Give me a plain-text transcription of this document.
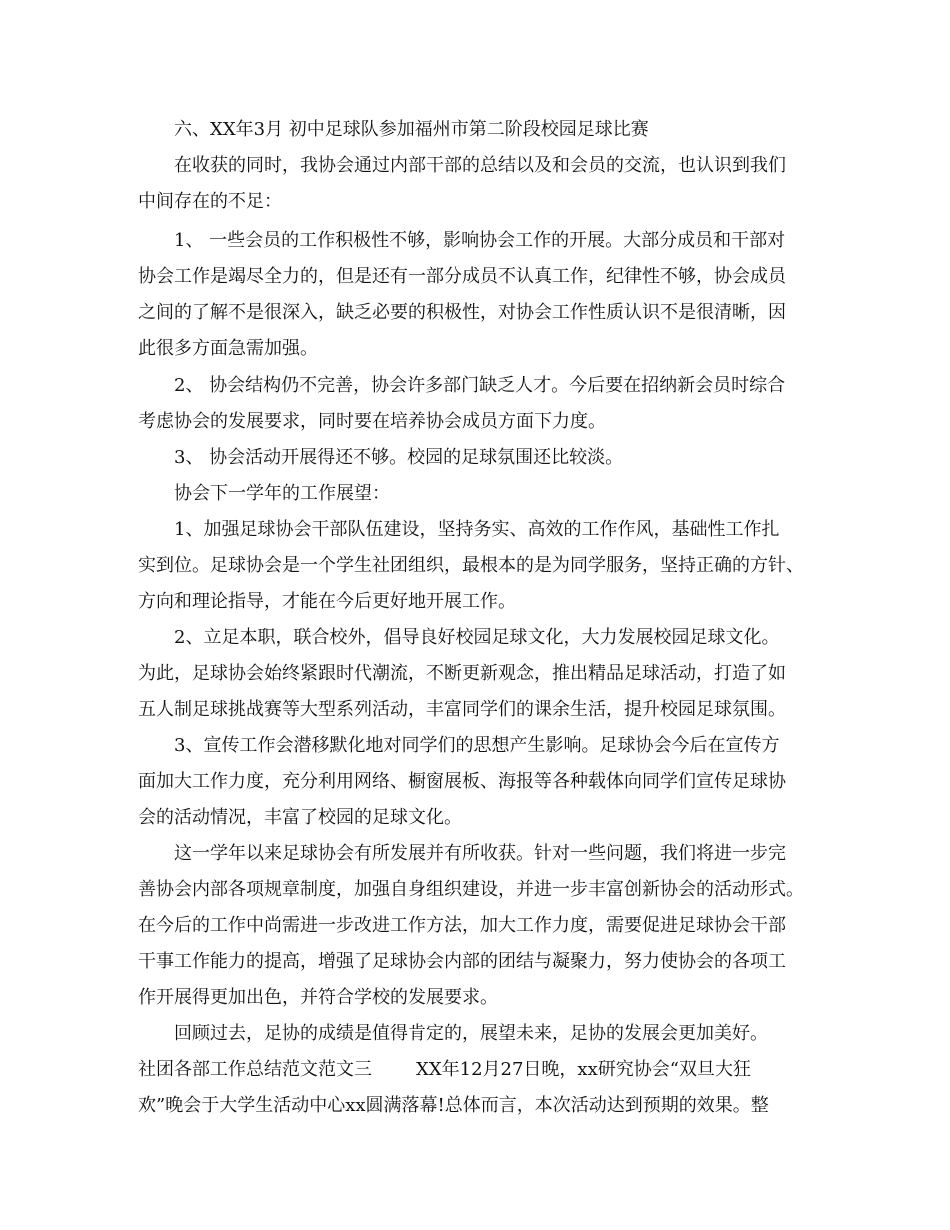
六、XX年3月 初中足球队参加福州市第二阶段校园足球比赛
在收获的同时，我协会通过内部干部的总结以及和会员的交流，也认识到我们
中间存在的不足：
1、 一些会员的工作积极性不够，影响协会工作的开展。大部分成员和干部对
协会工作是竭尽全力的，但是还有一部分成员不认真工作，纪律性不够，协会成员
之间的了解不是很深入，缺乏必要的积极性，对协会工作性质认识不是很清晰，因
此很多方面急需加强。
2、 协会结构仍不完善，协会许多部门缺乏人才。今后要在招纳新会员时综合
考虑协会的发展要求，同时要在培养协会成员方面下力度。
3、 协会活动开展得还不够。校园的足球氛围还比较淡。
协会下一学年的工作展望：
1、加强足球协会干部队伍建设，坚持务实、高效的工作作风，基础性工作扎
实到位。足球协会是一个学生社团组织，最根本的是为同学服务，坚持正确的方针、
方向和理论指导，才能在今后更好地开展工作。
2、立足本职，联合校外，倡导良好校园足球文化，大力发展校园足球文化。
为此，足球协会始终紧跟时代潮流，不断更新观念，推出精品足球活动，打造了如
五人制足球挑战赛等大型系列活动，丰富同学们的课余生活，提升校园足球氛围。
3、宣传工作会潜移默化地对同学们的思想产生影响。足球协会今后在宣传方
面加大工作力度，充分利用网络、橱窗展板、海报等各种载体向同学们宣传足球协
会的活动情况，丰富了校园的足球文化。
这一学年以来足球协会有所发展并有所收获。针对一些问题，我们将进一步完
善协会内部各项规章制度，加强自身组织建设，并进一步丰富创新协会的活动形式。
在今后的工作中尚需进一步改进工作方法，加大工作力度，需要促进足球协会干部
干事工作能力的提高，增强了足球协会内部的团结与凝聚力，努力使协会的各项工
作开展得更加出色，并符合学校的发展要求。
回顾过去，足协的成绩是值得肯定的，展望未来，足协的发展会更加美好。
社团各部工作总结范文范文三 XX年12月27日晚，xx研究协会“双旦大狂
欢”晚会于大学生活动中心xx圆满落幕!总体而言，本次活动达到预期的效果。整
